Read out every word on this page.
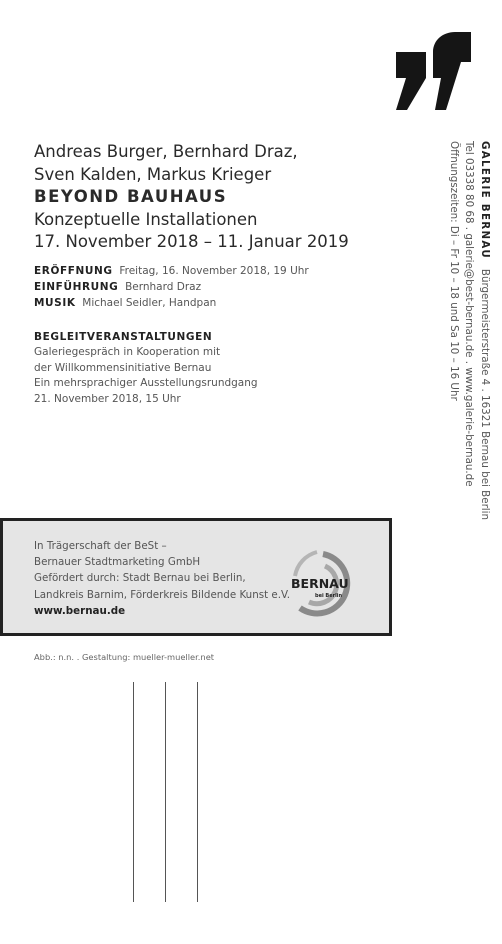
Andreas Burger, Bernhard Draz,
Sven Kalden, Markus Krieger
BEYOND BAUHAUS
Konzeptuelle Installationen
17. November 2018 – 11. Januar 2019
ERÖFFNUNG Freitag, 16. November 2018, 19 Uhr
EINFÜHRUNG Bernhard Draz
MUSIK Michael Seidler, Handpan
BEGLEITVERANSTALTUNGEN
Galeriegespräch in Kooperation mit
der Willkommensinitiative Bernau
Ein mehrsprachiger Ausstellungsrundgang
21. November 2018, 15 Uhr
GALERIE BERNAU   Bürgermeisterstraße 4 . 16321 Bernau bei Berlin
Tel 03338 80 68 . galerie@best-bernau.de . www.galerie-bernau.de
Öffnungszeiten: Di – Fr 10 – 18 und Sa 10 – 16 Uhr
In Trägerschaft der BeSt –
Bernauer Stadtmarketing GmbH
Gefördert durch: Stadt Bernau bei Berlin,
Landkreis Barnim, Förderkreis Bildende Kunst e.V.
www.bernau.de
BERNAU
bei Berlin
Abb.: n.n. . Gestaltung: mueller-mueller.net
